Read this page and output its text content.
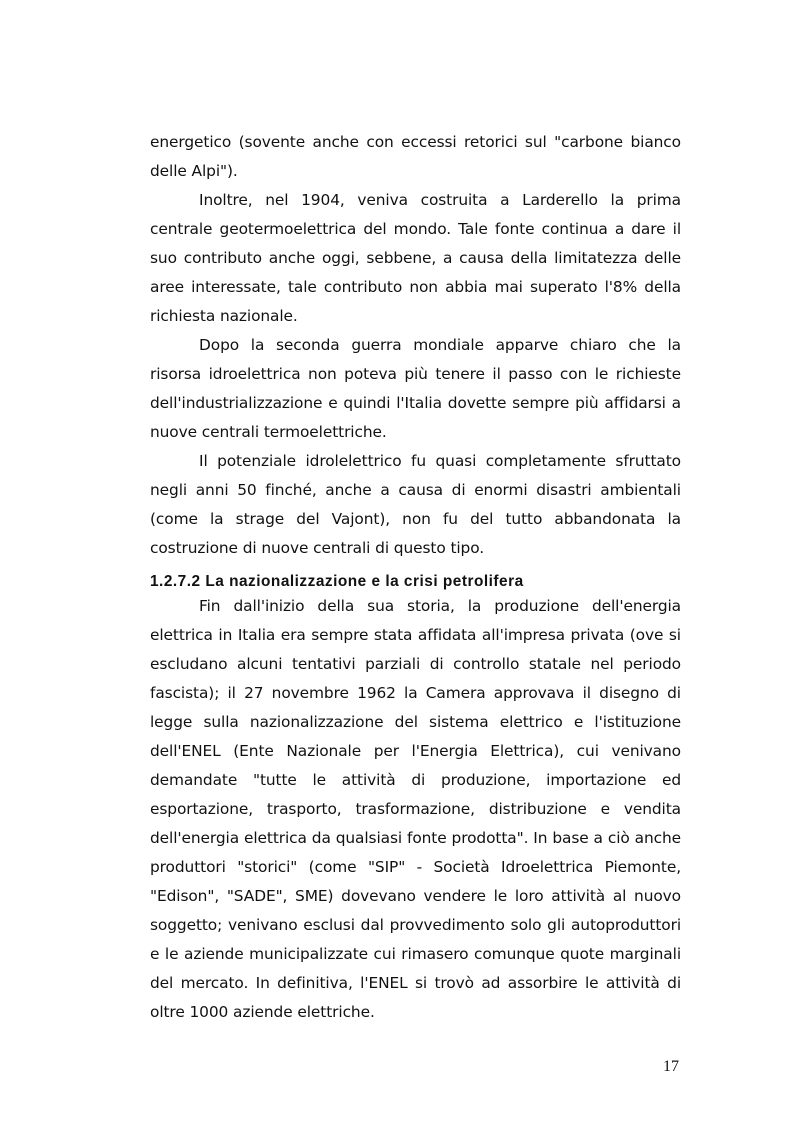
energetico (sovente anche con eccessi retorici sul "carbone bianco delle Alpi").

Inoltre, nel 1904, veniva costruita a Larderello la prima centrale geotermoelettrica del mondo. Tale fonte continua a dare il suo contributo anche oggi, sebbene, a causa della limitatezza delle aree interessate, tale contributo non abbia mai superato l'8% della richiesta nazionale.

Dopo la seconda guerra mondiale apparve chiaro che la risorsa idroelettrica non poteva più tenere il passo con le richieste dell'industrializzazione e quindi l'Italia dovette sempre più affidarsi a nuove centrali termoelettriche.

Il potenziale idrolelettrico fu quasi completamente sfruttato negli anni 50 finché, anche a causa di enormi disastri ambientali (come la strage del Vajont), non fu del tutto abbandonata la costruzione di nuove centrali di questo tipo.

1.2.7.2 La nazionalizzazione e la crisi petrolifera

Fin dall'inizio della sua storia, la produzione dell'energia elettrica in Italia era sempre stata affidata all'impresa privata (ove si escludano alcuni tentativi parziali di controllo statale nel periodo fascista); il 27 novembre 1962 la Camera approvava il disegno di legge sulla nazionalizzazione del sistema elettrico e l'istituzione dell'ENEL (Ente Nazionale per l'Energia Elettrica), cui venivano demandate "tutte le attività di produzione, importazione ed esportazione, trasporto, trasformazione, distribuzione e vendita dell'energia elettrica da qualsiasi fonte prodotta". In base a ciò anche produttori "storici" (come "SIP" - Società Idroelettrica Piemonte, "Edison", "SADE", SME) dovevano vendere le loro attività al nuovo soggetto; venivano esclusi dal provvedimento solo gli autoproduttori e le aziende municipalizzate cui rimasero comunque quote marginali del mercato. In definitiva, l'ENEL si trovò ad assorbire le attività di oltre 1000 aziende elettriche.

17
